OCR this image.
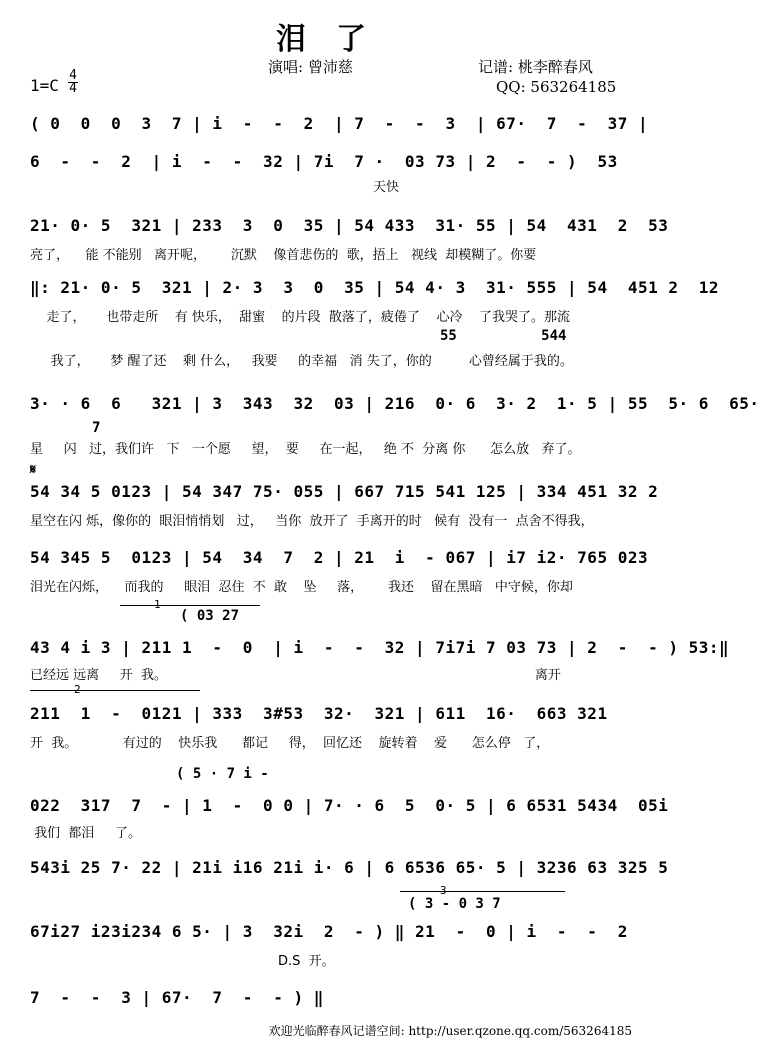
泪了
演唱: 曾沛慈	记谱: 桃李醉春风
QQ: 563264185
1=C
4
4
( 0  0  0  3  7 | i  -  -  2  | 7  -  -  3  | 67·  7  -  37 |
6  -  -  2  | i  -  -  32 | 7i  7 ·  03 73 | 2  -  - )  53
天快
21· 0· 5  321 | 233  3  0  35 | 54 433  31· 55 | 54  431  2  53
亮了，    能 不能别   离开呢，      沉默    像首悲伤的  歌，捂上   视线  却模糊了。你要
‖: 21· 0· 5  321 | 2· 3  3  0  35 | 54 4· 3  31· 555 | 54  451 2  12
走了，     也带走所    有 快乐，  甜蜜    的片段  散落了，疲倦了    心冷    了我哭了。那流
55          544
我了，     梦 醒了还    剩 什么，   我要     的幸福   消 失了，你的         心曾经属于我的。
3· · 6  6   321 | 3  343  32  03 | 216  0· 6  3· 2  1· 5 | 55  5· 6  65·
7
星     闪   过，我们许   下   一个愿     望，  要     在一起，   绝 不  分离 你      怎么放   弃了。
𝄋
54 34 5 0123 | 54 347 75· 055 | 667 715 541 125 | 334 451 32 2
星空在闪 烁，像你的  眼泪悄悄划   过，   当你  放开了  手离开的时   候有  没有一  点舍不得我，
54 345 5  0123 | 54  34  7  2 | 21  i  - 067 | i7 i2· 765 023
泪光在闪烁，    而我的     眼泪  忍住  不  敢    坠     落，      我还    留在黑暗   中守候，你却
1
( 03 27
43 4 i 3 | 211 1  -  0  | i  -  -  32 | 7i7i 7 03 73 | 2  -  - ) 53:‖
已经远 远离     开  我。                                                                                         离开
2
211  1  -  0121 | 333  3#53  32·  321 | 611  16·  663 321
开  我。           有过的    快乐我      都记     得，  回忆还    旋转着    爱      怎么停   了，
( 5 · 7 i -
022  317  7  - | 1  -  0 0 | 7· · 6  5  0· 5 | 6 6531 5434  05i
我们  都泪     了。
543i 25 7· 22 | 21i i16 21i i· 6 | 6 6536 65· 5 | 3236 63 325 5
3
( 3 - 0 3 7
67i27 i23i234 6 5· | 3  32i  2  - ) ‖ 21  -  0 | i  -  -  2
D.S  开。
7  -  -  3 | 67·  7  -  - ) ‖
欢迎光临醉春风记谱空间: http://user.qzone.qq.com/563264185
